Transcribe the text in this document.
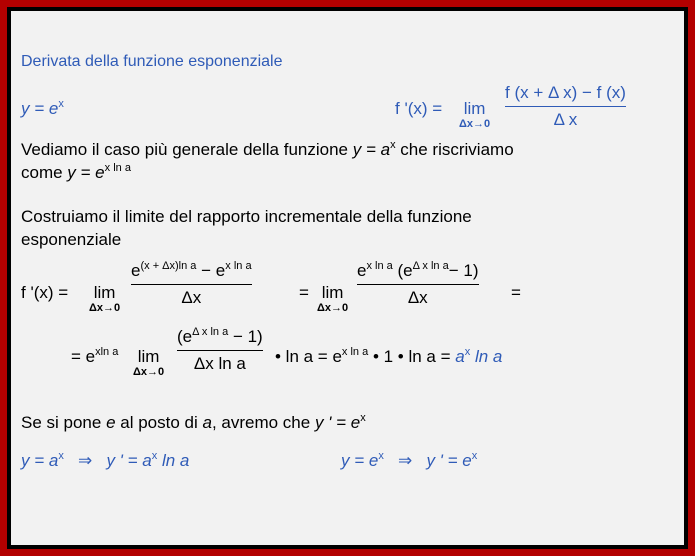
Derivata della funzione esponenziale
$y = e^x$	f '(x) = lim
Δx→0
f (x + Δ x) − f (x)
Δ x
Vediamo il caso più generale della funzione $y = a^x$ che riscriviamo
come $y = e^{x ln a}$
Costruiamo il limite del rapporto incrementale della funzione
esponenziale
f '(x) = lim
Δx→0
$e^{(x + \Delta x)ln a} - e^{x ln a}$
Δx	= lim
Δx→0
$e^{x ln a}$ $(e^{\Delta x ln a}- 1)$
Δx	=
= $e^{xln a}$ lim
Δx→0
$(e^{\Delta x ln a} - 1)$
Δx ln a	• $\ln a = e^{x ln a}$ • 1 • $\ln a = a^x$ ln a
Se si pone e al posto di a, avremo che y ' = $e^x$
$y = a^x$ ⇒ y ' = $a^x$ ln a	$y = e^x$ ⇒ y ' = $e^x$
